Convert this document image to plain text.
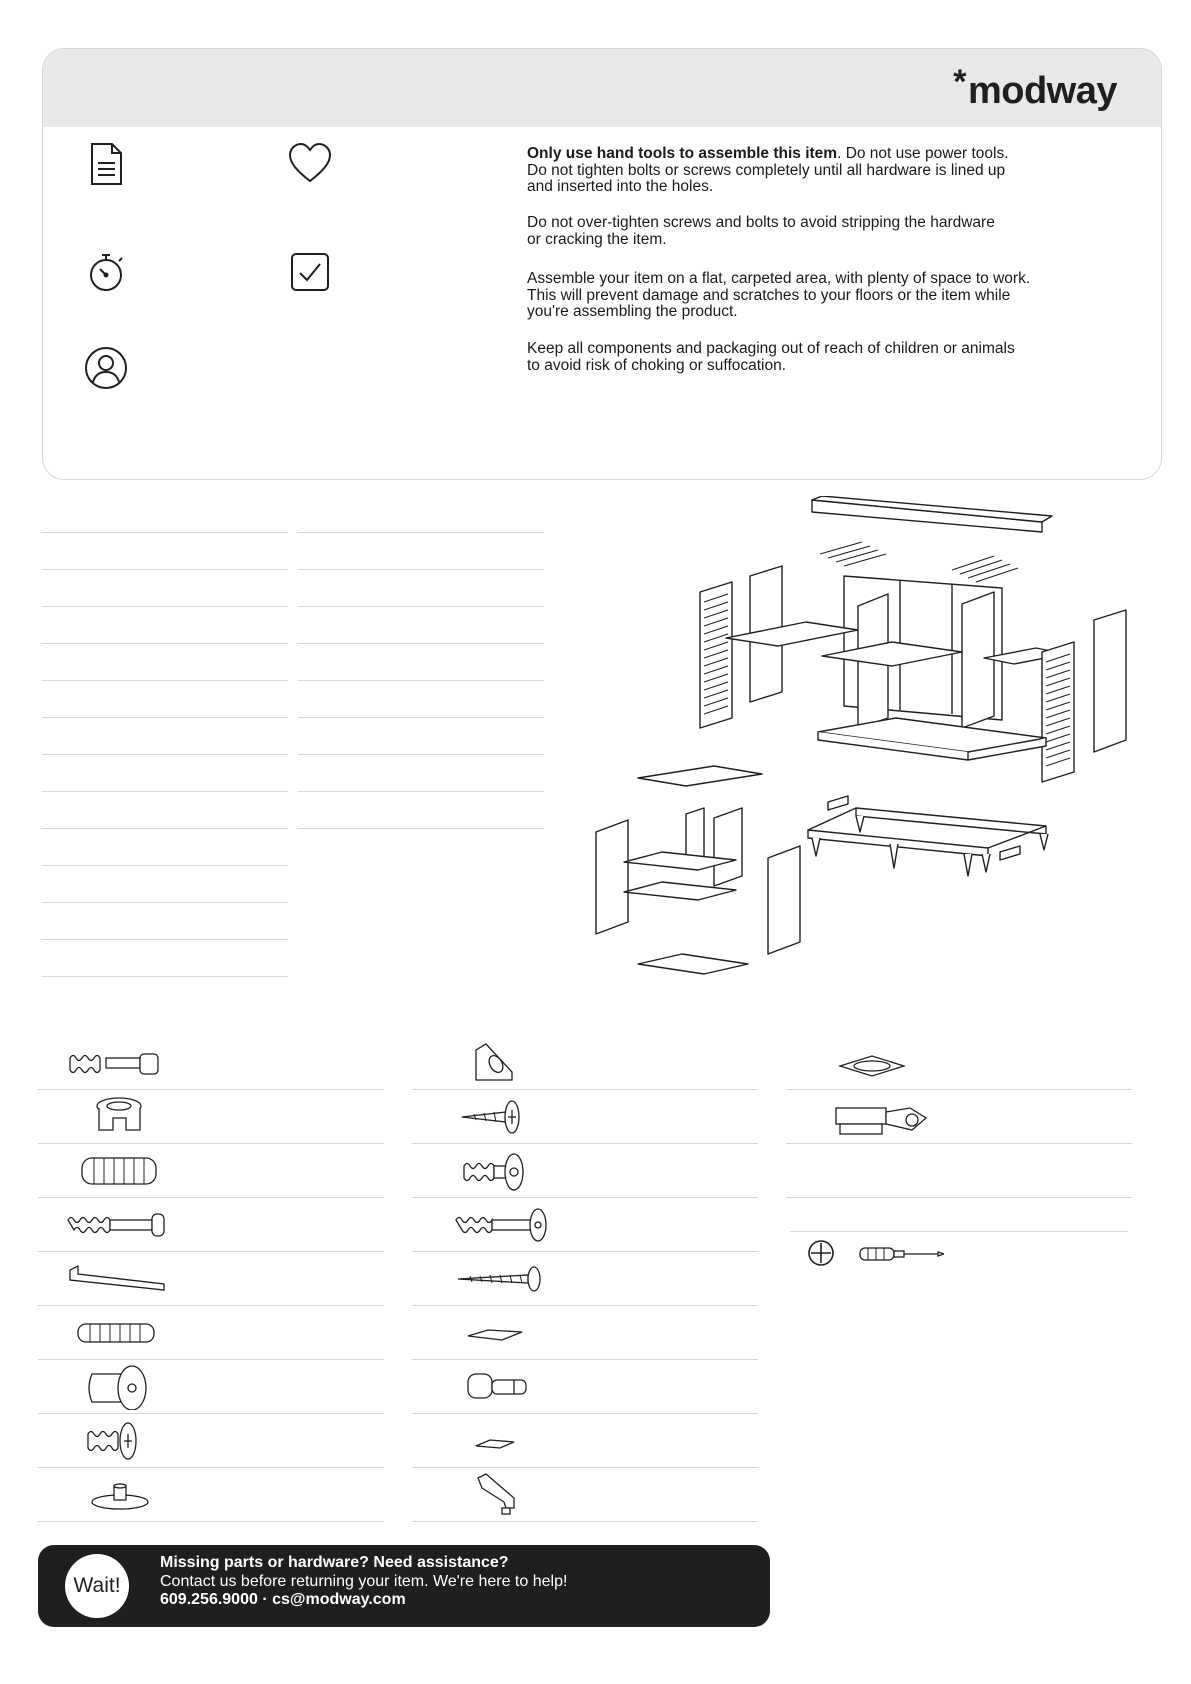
*modway

Only use hand tools to assemble this item. Do not use power tools.

Do not tighten bolts or screws completely until all hardware is lined up

and inserted into the holes.

Do not over-tighten screws and bolts to avoid stripping the hardware

or cracking the item.

Assemble your item on a flat, carpeted area, with plenty of space to work.

This will prevent damage and scratches to your floors or the item while

you're assembling the product.

Keep all components and packaging out of reach of children or animals

to avoid risk of choking or suffocation.

Wait!
Missing parts or hardware? Need assistance?
Contact us before returning your item. We're here to help!
609.256.9000 · cs@modway.com
